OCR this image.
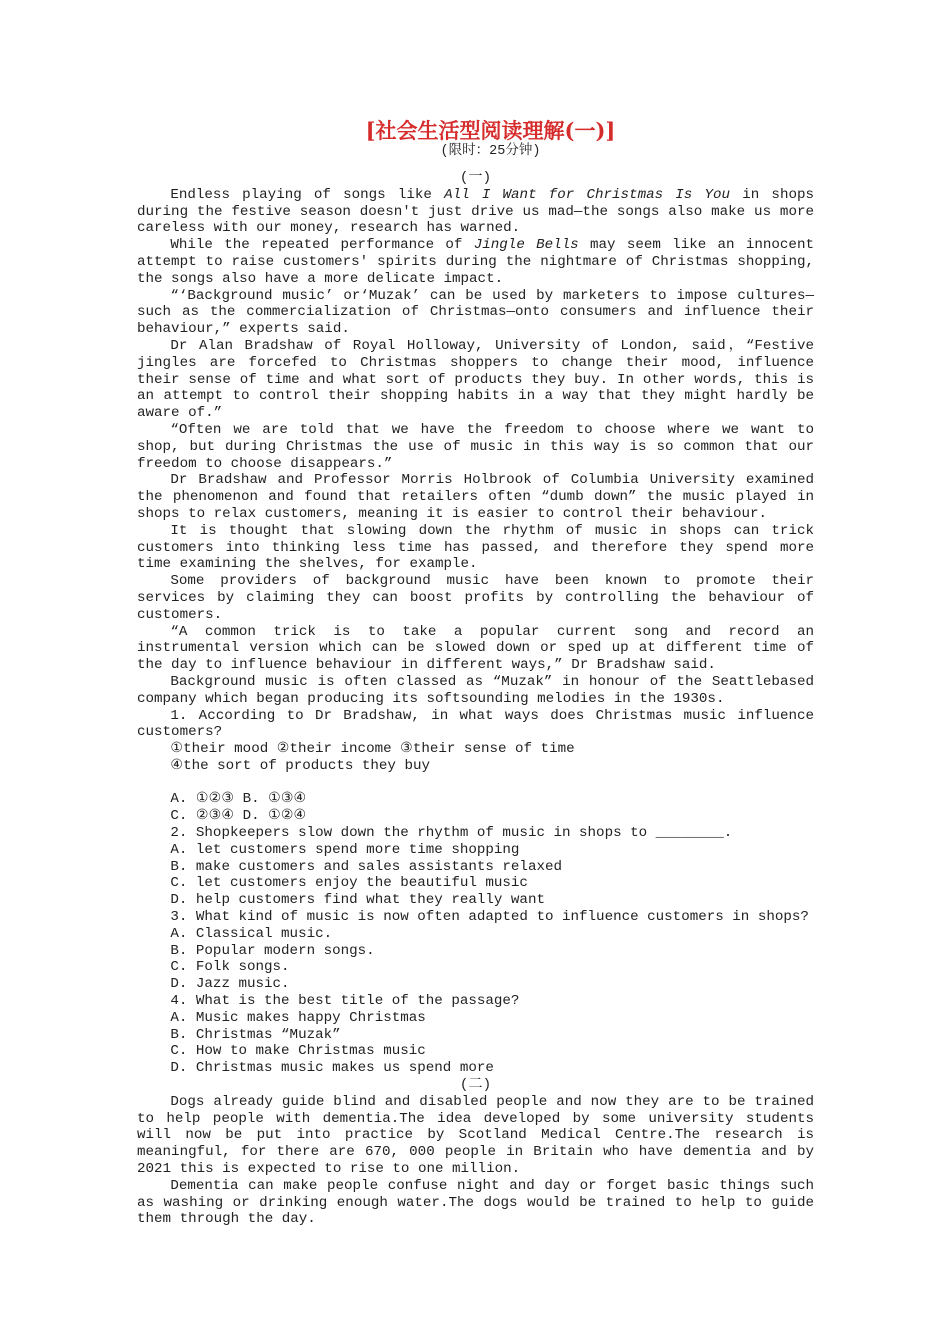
[社会生活型阅读理解(一)]
(限时：25分钟)
(一)
Endless playing of songs like All I Want for Christmas Is You in shops during the festive season doesn't just drive us mad—the songs also make us more careless with our money, research has warned.
While the repeated performance of Jingle Bells may seem like an innocent attempt to raise customers' spirits during the nightmare of Christmas shopping, the songs also have a more delicate impact.
“‘Background music’ or‘Muzak’ can be used by marketers to impose cultures—such as the commercialization of Christmas—onto consumers and influence their behaviour,” experts said.
Dr Alan Bradshaw of Royal Holloway, University of London, said，“Festive jingles are forcefed to Christmas shoppers to change their mood, influence their sense of time and what sort of products they buy. In other words, this is an attempt to control their shopping habits in a way that they might hardly be aware of.”
“Often we are told that we have the freedom to choose where we want to shop, but during Christmas the use of music in this way is so common that our freedom to choose disappears.”
Dr Bradshaw and Professor Morris Holbrook of Columbia University examined the phenomenon and found that retailers often “dumb down” the music played in shops to relax customers, meaning it is easier to control their behaviour.
It is thought that slowing down the rhythm of music in shops can trick customers into thinking less time has passed, and therefore they spend more time examining the shelves, for example.
Some providers of background music have been known to promote their services by claiming they can boost profits by controlling the behaviour of customers.
“A common trick is to take a popular current song and record an instrumental version which can be slowed down or sped up at different time of the day to influence behaviour in different ways,” Dr Bradshaw said.
Background music is often classed as “Muzak” in honour of the Seattlebased company which began producing its softsounding melodies in the 1930s.
1. According to Dr Bradshaw, in what ways does Christmas music influence customers?
①their mood ②their income ③their sense of time
④the sort of products they buy
A. ①②③ B. ①③④
C. ②③④ D. ①②④
2. Shopkeepers slow down the rhythm of music in shops to ________.
A. let customers spend more time shopping
B. make customers and sales assistants relaxed
C. let customers enjoy the beautiful music
D. help customers find what they really want
3. What kind of music is now often adapted to influence customers in shops?
A. Classical music.
B. Popular modern songs.
C. Folk songs.
D. Jazz music.
4. What is the best title of the passage?
A. Music makes happy Christmas
B. Christmas “Muzak”
C. How to make Christmas music
D. Christmas music makes us spend more
(二)
Dogs already guide blind and disabled people and now they are to be trained to help people with dementia.The idea developed by some university students will now be put into practice by Scotland Medical Centre.The research is meaningful, for there are 670, 000 people in Britain who have dementia and by 2021 this is expected to rise to one million.
Dementia can make people confuse night and day or forget basic things such as washing or drinking enough water.The dogs would be trained to help to guide them through the day.
